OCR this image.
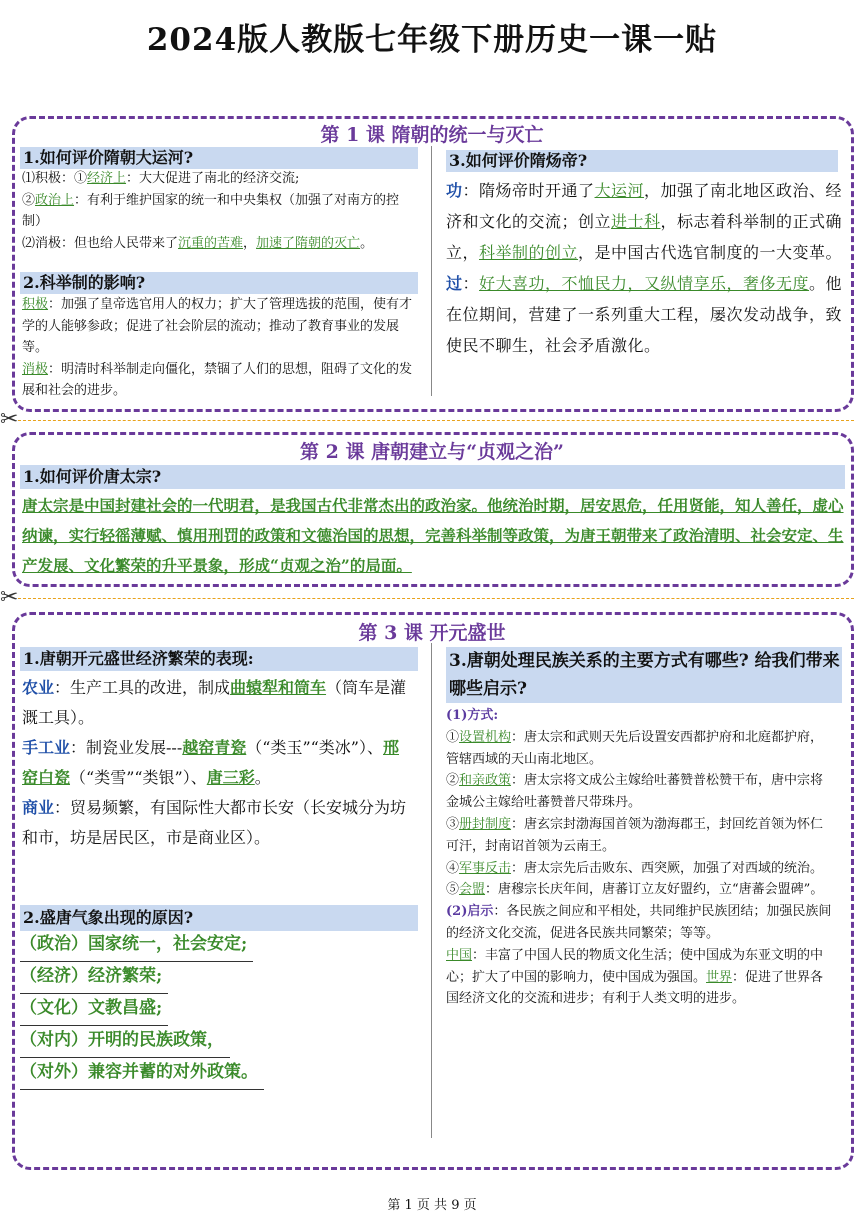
2024版人教版七年级下册历史一课一贴
第 1 课 隋朝的统一与灭亡
1.如何评价隋朝大运河?
⑴积极：①经济上：大大促进了南北的经济交流;
②政治上：有利于维护国家的统一和中央集权（加强了对南方的控制）
⑵消极：但也给人民带来了沉重的苦难，加速了隋朝的灭亡。
2.科举制的影响?
积极：加强了皇帝选官用人的权力；扩大了管理选拔的范围，使有才学的人能够参政；促进了社会阶层的流动；推动了教育事业的发展等。
消极：明清时科举制走向僵化，禁锢了人们的思想，阻碍了文化的发展和社会的进步。
3.如何评价隋炀帝?
功：隋炀帝时开通了大运河，加强了南北地区政治、经济和文化的交流；创立进士科，标志着科举制的正式确立，科举制的创立，是中国古代选官制度的一大变革。
过：好大喜功，不恤民力，又纵情享乐，奢侈无度。他在位期间，营建了一系列重大工程，屡次发动战争，致使民不聊生，社会矛盾激化。
✂
第 2 课 唐朝建立与“贞观之治”
1.如何评价唐太宗?
唐太宗是中国封建社会的一代明君，是我国古代非常杰出的政治家。他统治时期，居安思危，任用贤能，知人善任，虚心纳谏，实行轻徭薄赋、慎用刑罚的政策和文德治国的思想，完善科举制等政策，为唐王朝带来了政治清明、社会安定、生产发展、文化繁荣的升平景象，形成“贞观之治”的局面。
✂
第 3 课 开元盛世
1.唐朝开元盛世经济繁荣的表现:
农业：生产工具的改进，制成曲辕犁和筒车（筒车是灌溉工具）。
手工业：制瓷业发展---越窑青瓷（“类玉”“类冰”）、邢窑白瓷（“类雪”“类银”）、唐三彩。
商业：贸易频繁，有国际性大都市长安（长安城分为坊和市，坊是居民区，市是商业区）。
2.盛唐气象出现的原因?
（政治）国家统一，社会安定;
（经济）经济繁荣;
（文化）文教昌盛;
（对内）开明的民族政策，
（对外）兼容并蓄的对外政策。
3.唐朝处理民族关系的主要方式有哪些? 给我们带来哪些启示?
(1)方式:
①设置机构：唐太宗和武则天先后设置安西都护府和北庭都护府，管辖西域的天山南北地区。
②和亲政策：唐太宗将文成公主嫁给吐蕃赞普松赞干布，唐中宗将金城公主嫁给吐蕃赞普尺带珠丹。
③册封制度：唐玄宗封渤海国首领为渤海郡王，封回纥首领为怀仁可汗，封南诏首领为云南王。
④军事反击：唐太宗先后击败东、西突厥，加强了对西域的统治。
⑤会盟：唐穆宗长庆年间，唐蕃订立友好盟约，立“唐蕃会盟碑”。
(2)启示：各民族之间应和平相处，共同维护民族团结；加强民族间的经济文化交流，促进各民族共同繁荣；等等。
中国：丰富了中国人民的物质文化生活；使中国成为东亚文明的中心；扩大了中国的影响力，使中国成为强国。世界：促进了世界各国经济文化的交流和进步；有利于人类文明的进步。
第 1 页 共 9 页
